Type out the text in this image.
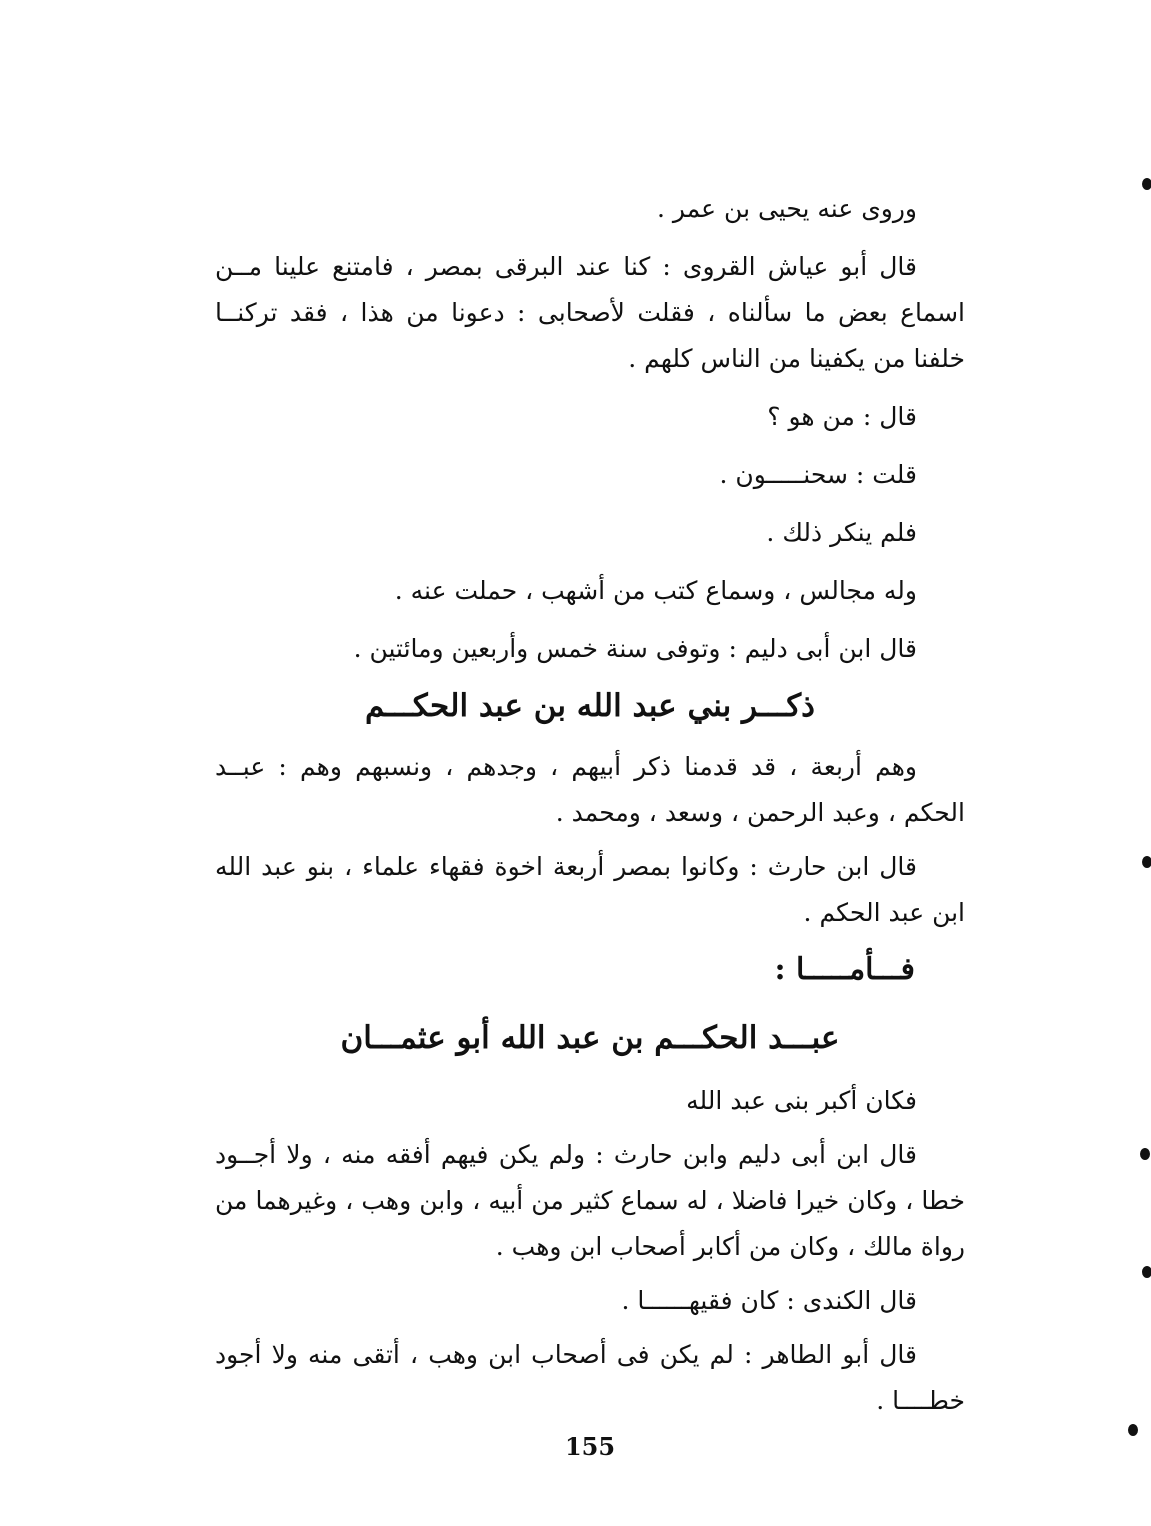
وروى عنه يحيى بن عمر .

قال أبو عياش القروى : كنا عند البرقى بمصر ، فامتنع علينا مــن اسماع بعض ما سألناه ، فقلت لأصحابى : دعونا من هذا ، فقد تركنــا خلفنا من يكفينا من الناس كلهم .

قال : من هو ؟

قلت : سحنـــــون .

فلم ينكر ذلك .

وله مجالس ، وسماع كتب من أشهب ، حملت عنه .

قال ابن أبى دليم : وتوفى سنة خمس وأربعين ومائتين .

ذكـــر بني عبد الله بن عبد الحكـــم

وهم أربعة ، قد قدمنا ذكر أبيهم ، وجدهم ، ونسبهم وهم : عبــد الحكم ، وعبد الرحمن ، وسعد ، ومحمد .

قال ابن حارث : وكانوا بمصر أربعة اخوة فقهاء علماء ، بنو عبد الله ابن عبد الحكم .

فـــأمـــــا :
عبـــد الحكـــم بن عبد الله أبو عثمـــان

فكان أكبر بنى عبد الله

قال ابن أبى دليم وابن حارث : ولم يكن فيهم أفقه منه ، ولا أجــود خطا ، وكان خيرا فاضلا ، له سماع كثير من أبيه ، وابن وهب ، وغيرهما من رواة مالك ، وكان من أكابر أصحاب ابن وهب .

قال الكندى : كان فقيهــــــا .

قال أبو الطاهر : لم يكن فى أصحاب ابن وهب ، أتقى منه ولا أجود خطــــا .

155
